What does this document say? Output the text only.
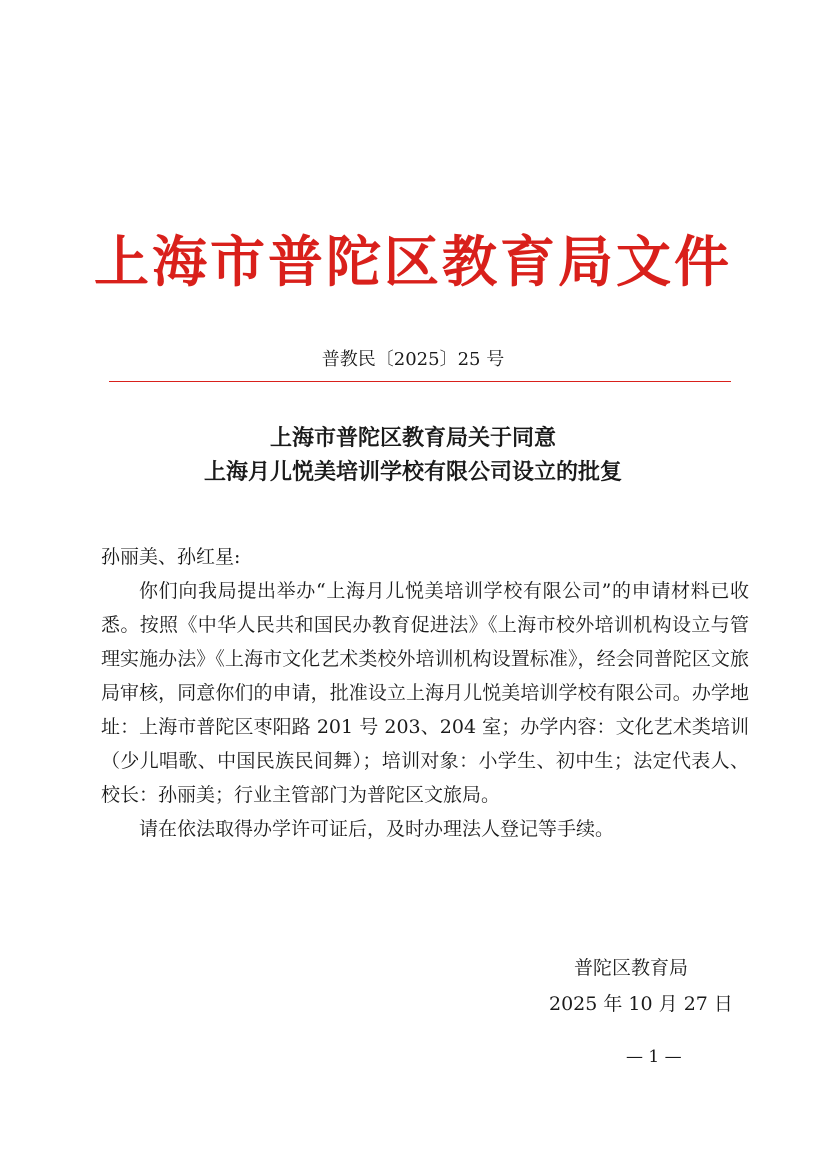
上海市普陀区教育局文件
普教民〔2025〕25 号
上海市普陀区教育局关于同意
上海月儿悦美培训学校有限公司设立的批复

孙丽美、孙红星:

你们向我局提出举办“上海月儿悦美培训学校有限公司”的申请材料已收悉。按照《中华人民共和国民办教育促进法》《上海市校外培训机构设立与管理实施办法》《上海市文化艺术类校外培训机构设置标准》，经会同普陀区文旅局审核，同意你们的申请，批准设立上海月儿悦美培训学校有限公司。办学地址：上海市普陀区枣阳路 201 号 203、204 室；办学内容：文化艺术类培训（少儿唱歌、中国民族民间舞）；培训对象：小学生、初中生；法定代表人、校长：孙丽美；行业主管部门为普陀区文旅局。

请在依法取得办学许可证后，及时办理法人登记等手续。

普陀区教育局
2025 年 10 月 27 日
— 1 —
